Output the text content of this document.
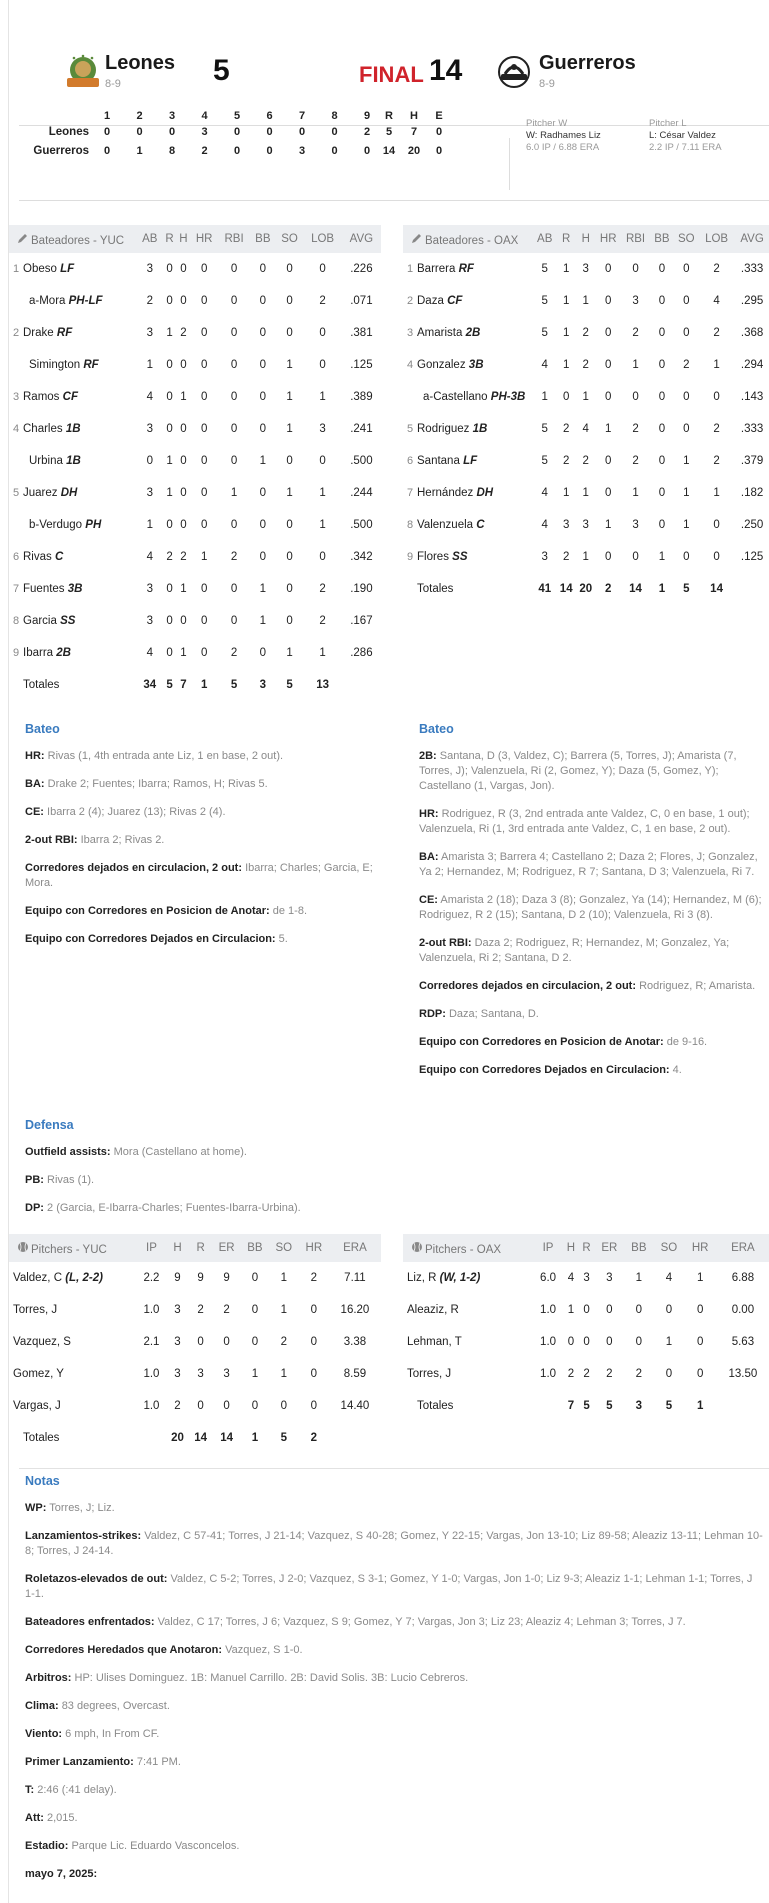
Leones
8-9	5	FINAL 14	Guerreros
8-9
1	2	3	4	5	6	7	8	9	R	H	E
Leones	0	0	0	3	0	0	0	0	2	5	7	0
Guerreros	0	1	8	2	0	0	3	0	0	14	20	0
Pitcher W
W: Radhames Liz
6.0 IP / 6.88 ERA
Pitcher L
L: César Valdez
2.2 IP / 7.11 ERA
Bateadores - YUC	AB	R	H	HR	RBI	BB	SO	LOB	AVG
1 Obeso LF	3	0	0	0	0	0	0	0	.226
a-Mora PH-LF	2	0	0	0	0	0	0	2	.071
2 Drake RF	3	1	2	0	0	0	0	0	.381
Simington RF	1	0	0	0	0	0	1	0	.125
3 Ramos CF	4	0	1	0	0	0	1	1	.389
4 Charles 1B	3	0	0	0	0	0	1	3	.241
Urbina 1B	0	1	0	0	0	1	0	0	.500
5 Juarez DH	3	1	0	0	1	0	1	1	.244
b-Verdugo PH	1	0	0	0	0	0	0	1	.500
6 Rivas C	4	2	2	1	2	0	0	0	.342
7 Fuentes 3B	3	0	1	0	0	1	0	2	.190
8 Garcia SS	3	0	0	0	0	1	0	2	.167
9 Ibarra 2B	4	0	1	0	2	0	1	1	.286
Totales	34	5	7	1	5	3	5	13	
Bateadores - OAX	AB	R	H	HR	RBI	BB	SO	LOB	AVG
1 Barrera RF	5	1	3	0	0	0	0	2	.333
2 Daza CF	5	1	1	0	3	0	0	4	.295
3 Amarista 2B	5	1	2	0	2	0	0	2	.368
4 Gonzalez 3B	4	1	2	0	1	0	2	1	.294
a-Castellano PH-3B	1	0	1	0	0	0	0	0	.143
5 Rodriguez 1B	5	2	4	1	2	0	0	2	.333
6 Santana LF	5	2	2	0	2	0	1	2	.379
7 Hernández DH	4	1	1	0	1	0	1	1	.182
8 Valenzuela C	4	3	3	1	3	0	1	0	.250
9 Flores SS	3	2	1	0	0	1	0	0	.125
Totales	41	14	20	2	14	1	5	14	
Bateo

HR: Rivas (1, 4th entrada ante Liz, 1 en base, 2 out).

BA: Drake 2; Fuentes; Ibarra; Ramos, H; Rivas 5.

CE: Ibarra 2 (4); Juarez (13); Rivas 2 (4).

2-out RBI: Ibarra 2; Rivas 2.

Corredores dejados en circulacion, 2 out: Ibarra; Charles; Garcia, E; Mora.

Equipo con Corredores en Posicion de Anotar: de 1-8.

Equipo con Corredores Dejados en Circulacion: 5.

Bateo

2B: Santana, D (3, Valdez, C); Barrera (5, Torres, J); Amarista (7, Torres, J); Valenzuela, Ri (2, Gomez, Y); Daza (5, Gomez, Y); Castellano (1, Vargas, Jon).

HR: Rodriguez, R (3, 2nd entrada ante Valdez, C, 0 en base, 1 out); Valenzuela, Ri (1, 3rd entrada ante Valdez, C, 1 en base, 2 out).

BA: Amarista 3; Barrera 4; Castellano 2; Daza 2; Flores, J; Gonzalez, Ya 2; Hernandez, M; Rodriguez, R 7; Santana, D 3; Valenzuela, Ri 7.

CE: Amarista 2 (18); Daza 3 (8); Gonzalez, Ya (14); Hernandez, M (6); Rodriguez, R 2 (15); Santana, D 2 (10); Valenzuela, Ri 3 (8).

2-out RBI: Daza 2; Rodriguez, R; Hernandez, M; Gonzalez, Ya; Valenzuela, Ri 2; Santana, D 2.

Corredores dejados en circulacion, 2 out: Rodriguez, R; Amarista.

RDP: Daza; Santana, D.

Equipo con Corredores en Posicion de Anotar: de 9-16.

Equipo con Corredores Dejados en Circulacion: 4.

Defensa

Outfield assists: Mora (Castellano at home).

PB: Rivas (1).

DP: 2 (Garcia, E-Ibarra-Charles; Fuentes-Ibarra-Urbina).

Pitchers - YUC	IP	H	R	ER	BB	SO	HR	ERA
Valdez, C (L, 2-2)	2.2	9	9	9	0	1	2	7.11
Torres, J	1.0	3	2	2	0	1	0	16.20
Vazquez, S	2.1	3	0	0	0	2	0	3.38
Gomez, Y	1.0	3	3	3	1	1	0	8.59
Vargas, J	1.0	2	0	0	0	0	0	14.40
Totales		20	14	14	1	5	2	
Pitchers - OAX	IP	H	R	ER	BB	SO	HR	ERA
Liz, R (W, 1-2)	6.0	4	3	3	1	4	1	6.88
Aleaziz, R	1.0	1	0	0	0	0	0	0.00
Lehman, T	1.0	0	0	0	0	1	0	5.63
Torres, J	1.0	2	2	2	2	0	0	13.50
Totales		7	5	5	3	5	1	
Notas

WP: Torres, J; Liz.

Lanzamientos-strikes: Valdez, C 57-41; Torres, J 21-14; Vazquez, S 40-28; Gomez, Y 22-15; Vargas, Jon 13-10; Liz 89-58; Aleaziz 13-11; Lehman 10-8; Torres, J 24-14.

Roletazos-elevados de out: Valdez, C 5-2; Torres, J 2-0; Vazquez, S 3-1; Gomez, Y 1-0; Vargas, Jon 1-0; Liz 9-3; Aleaziz 1-1; Lehman 1-1; Torres, J 1-1.

Bateadores enfrentados: Valdez, C 17; Torres, J 6; Vazquez, S 9; Gomez, Y 7; Vargas, Jon 3; Liz 23; Aleaziz 4; Lehman 3; Torres, J 7.

Corredores Heredados que Anotaron: Vazquez, S 1-0.

Arbitros: HP: Ulises Dominguez. 1B: Manuel Carrillo. 2B: David Solis. 3B: Lucio Cebreros.

Clima: 83 degrees, Overcast.

Viento: 6 mph, In From CF.

Primer Lanzamiento: 7:41 PM.

T: 2:46 (:41 delay).

Att: 2,015.

Estadio: Parque Lic. Eduardo Vasconcelos.

mayo 7, 2025:
